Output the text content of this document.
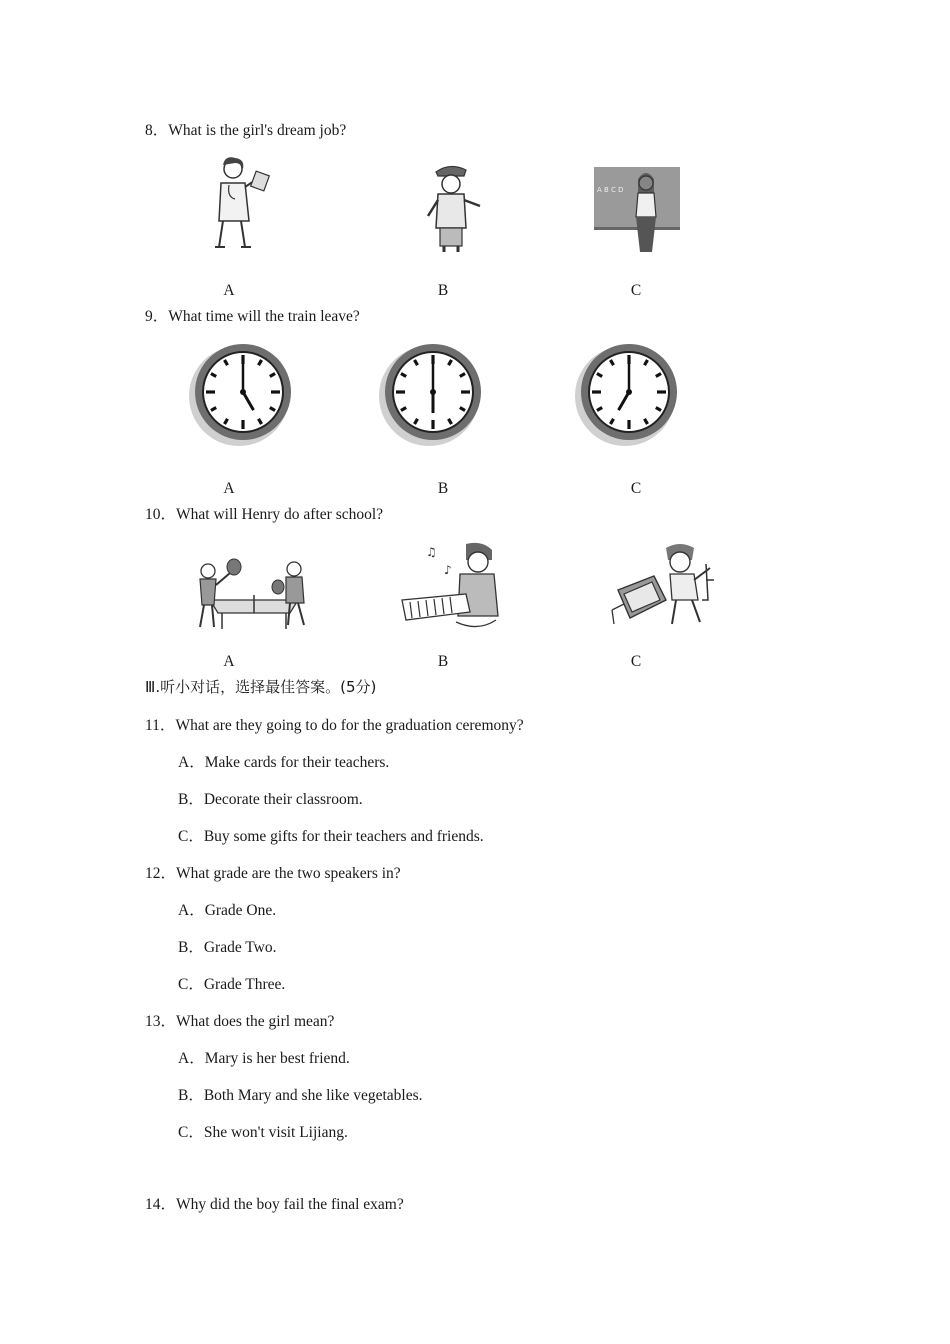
8．What is the girl's dream job?
A	B
A B C D
C
9．What time will the train leave?
A	B	C
10．What will Henry do after school?
A
♫
♪
B	C
Ⅲ.听小对话，选择最佳答案。(5分)
11．What are they going to do for the graduation ceremony?
A．Make cards for their teachers.
B．Decorate their classroom.
C．Buy some gifts for their teachers and friends.
12．What grade are the two speakers in?
A．Grade One.
B．Grade Two.
C．Grade Three.
13．What does the girl mean?
A．Mary is her best friend.
B．Both Mary and she like vegetables.
C．She won't visit Lijiang.
14．Why did the boy fail the final exam?
